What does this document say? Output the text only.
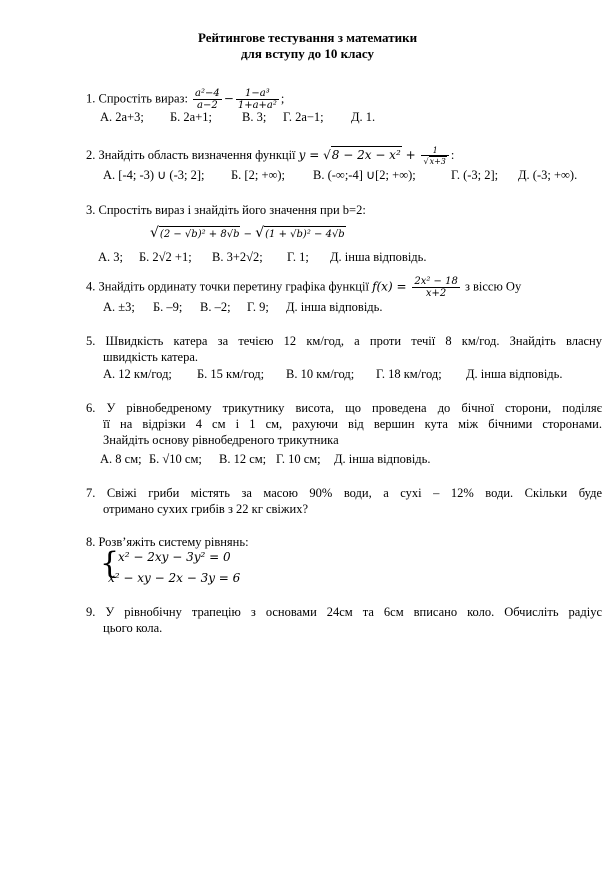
Рейтингове тестування з математики
для вступу до 10 класу
1. Спростіть вираз: $\frac{\text{a²−4}}{a-2} - \frac{\text{1−a³}}{\text{1+a+a²}}$ ;
А. 2a+3; Б. 2a+1; В. 3; Г. 2a−1; Д. 1.
2. Знайдіть область визначення функції y = √ 8 − 2x − x² + 1
√ x+3 :
А. [-4; -3) ∪ (-3; 2]; Б. [2; +∞); В. (-∞;-4] ∪[2; +∞);	Г. (-3; 2]; Д. (-3; +∞).
3. Спростіть вираз і знайдіть його значення при b=2:
√ (2 − √b)² + 8√b − √ (1 + √b)² − 4√b
А. 3; Б. 2√2 +1; В. 3+2√2; Г. 1; Д. інша відповідь.
4. Знайдіть ординату точки перетину графіка функції $f(x) = \frac{\text{2x² − 18}}{x+2}$ з віссю Oy
А. ±3; Б. –9; В. –2; Г. 9; Д. інша відповідь.
5. Швидкість катера за течією 12 км/год, а проти течії 8 км/год. Знайдіть власну
швидкість катера.
А. 12 км/год; Б. 15 км/год; В. 10 км/год; Г. 18 км/год; Д. інша відповідь.
6. У рівнобедреному трикутнику висота, що проведена до бічної сторони, поділяє
її на відрізки 4 см і 1 см, рахуючи від вершин кута між бічними сторонами.
Знайдіть основу рівнобедреного трикутника
А. 8 см; Б. √10 см; В. 12 см; Г. 10 см; Д. інша відповідь.
7. Свіжі гриби містять за масою 90% води, а сухі – 12% води. Скільки буде
отримано сухих грибів з 22 кг свіжих?
8. Розв’яжіть систему рівнянь:
{
x² − 2xy − 3y² = 0
x² − xy − 2x − 3y = 6
9. У рівнобічну трапецію з основами 24см та 6см вписано коло. Обчисліть радіус
цього кола.
